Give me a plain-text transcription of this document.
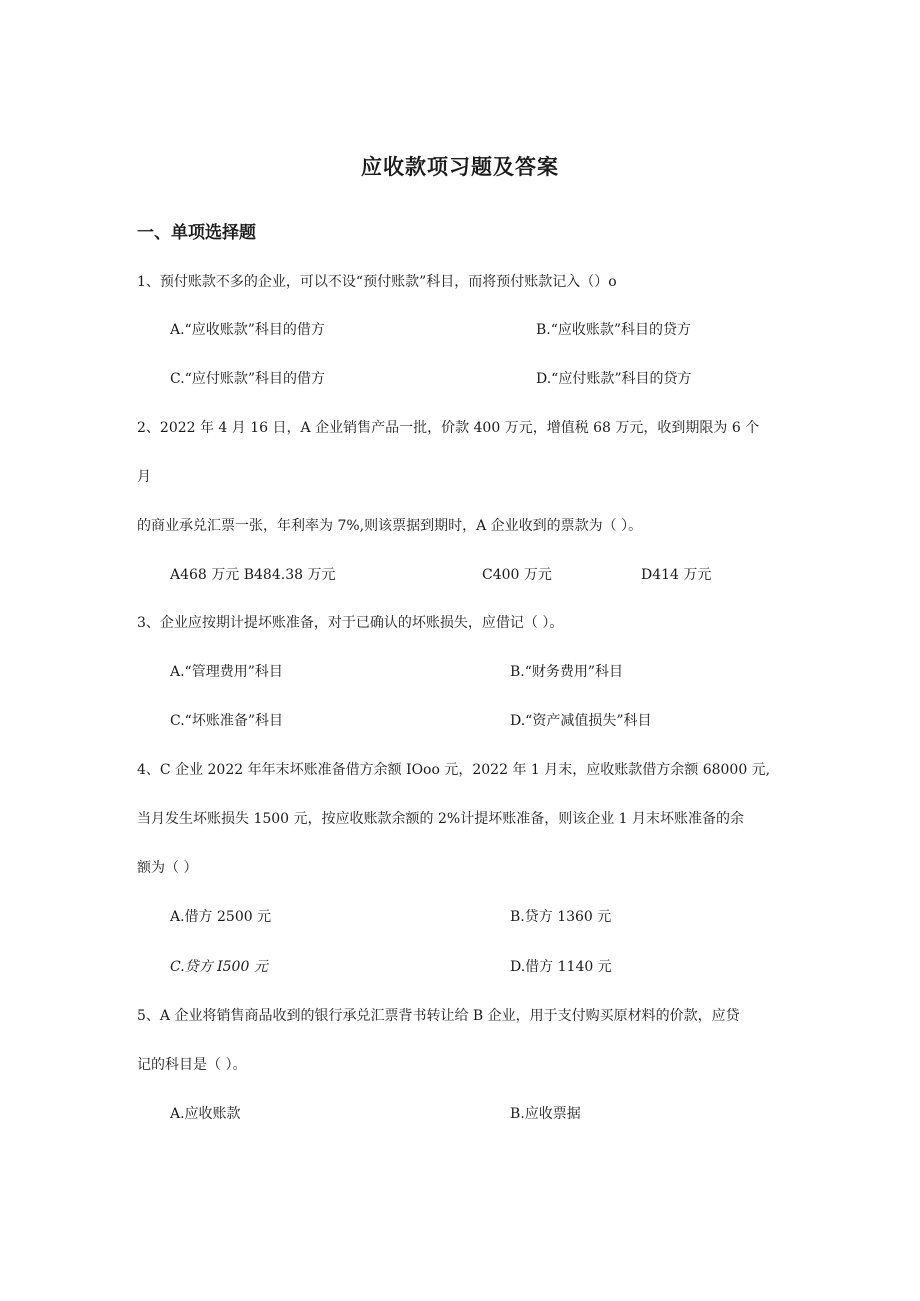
应收款项习题及答案
一、单项选择题
1、预付账款不多的企业，可以不设“预付账款”科目，而将预付账款记入（）o
A.“应收账款”科目的借方	B.“应收账款”科目的贷方
C.“应付账款”科目的借方	D.“应付账款”科目的贷方
2、2022 年 4 月 16 日，A 企业销售产品一批，价款 400 万元，增值税 68 万元，收到期限为 6 个
月
的商业承兑汇票一张，年利率为 7%,则该票据到期时，A 企业收到的票款为（ ）。
A468 万元 B484.38 万元	C400 万元	D414 万元
3、企业应按期计提坏账准备，对于已确认的坏账损失，应借记（ ）。
A.“管理费用”科目	B.“财务费用”科目
C.“坏账准备”科目	D.“资产减值损失”科目
4、C 企业 2022 年年末坏账准备借方余额 IOoo 元，2022 年 1 月末，应收账款借方余额 68000 元,
当月发生坏账损失 1500 元，按应收账款余额的 2%计提坏账准备，则该企业 1 月末坏账准备的余
额为（ ）
A.借方 2500 元	B.贷方 1360 元
C.贷方 I500 元	D.借方 1140 元
5、A 企业将销售商品收到的银行承兑汇票背书转让给 B 企业，用于支付购买原材料的价款，应贷
记的科目是（ ）。
A.应收账款	B.应收票据
